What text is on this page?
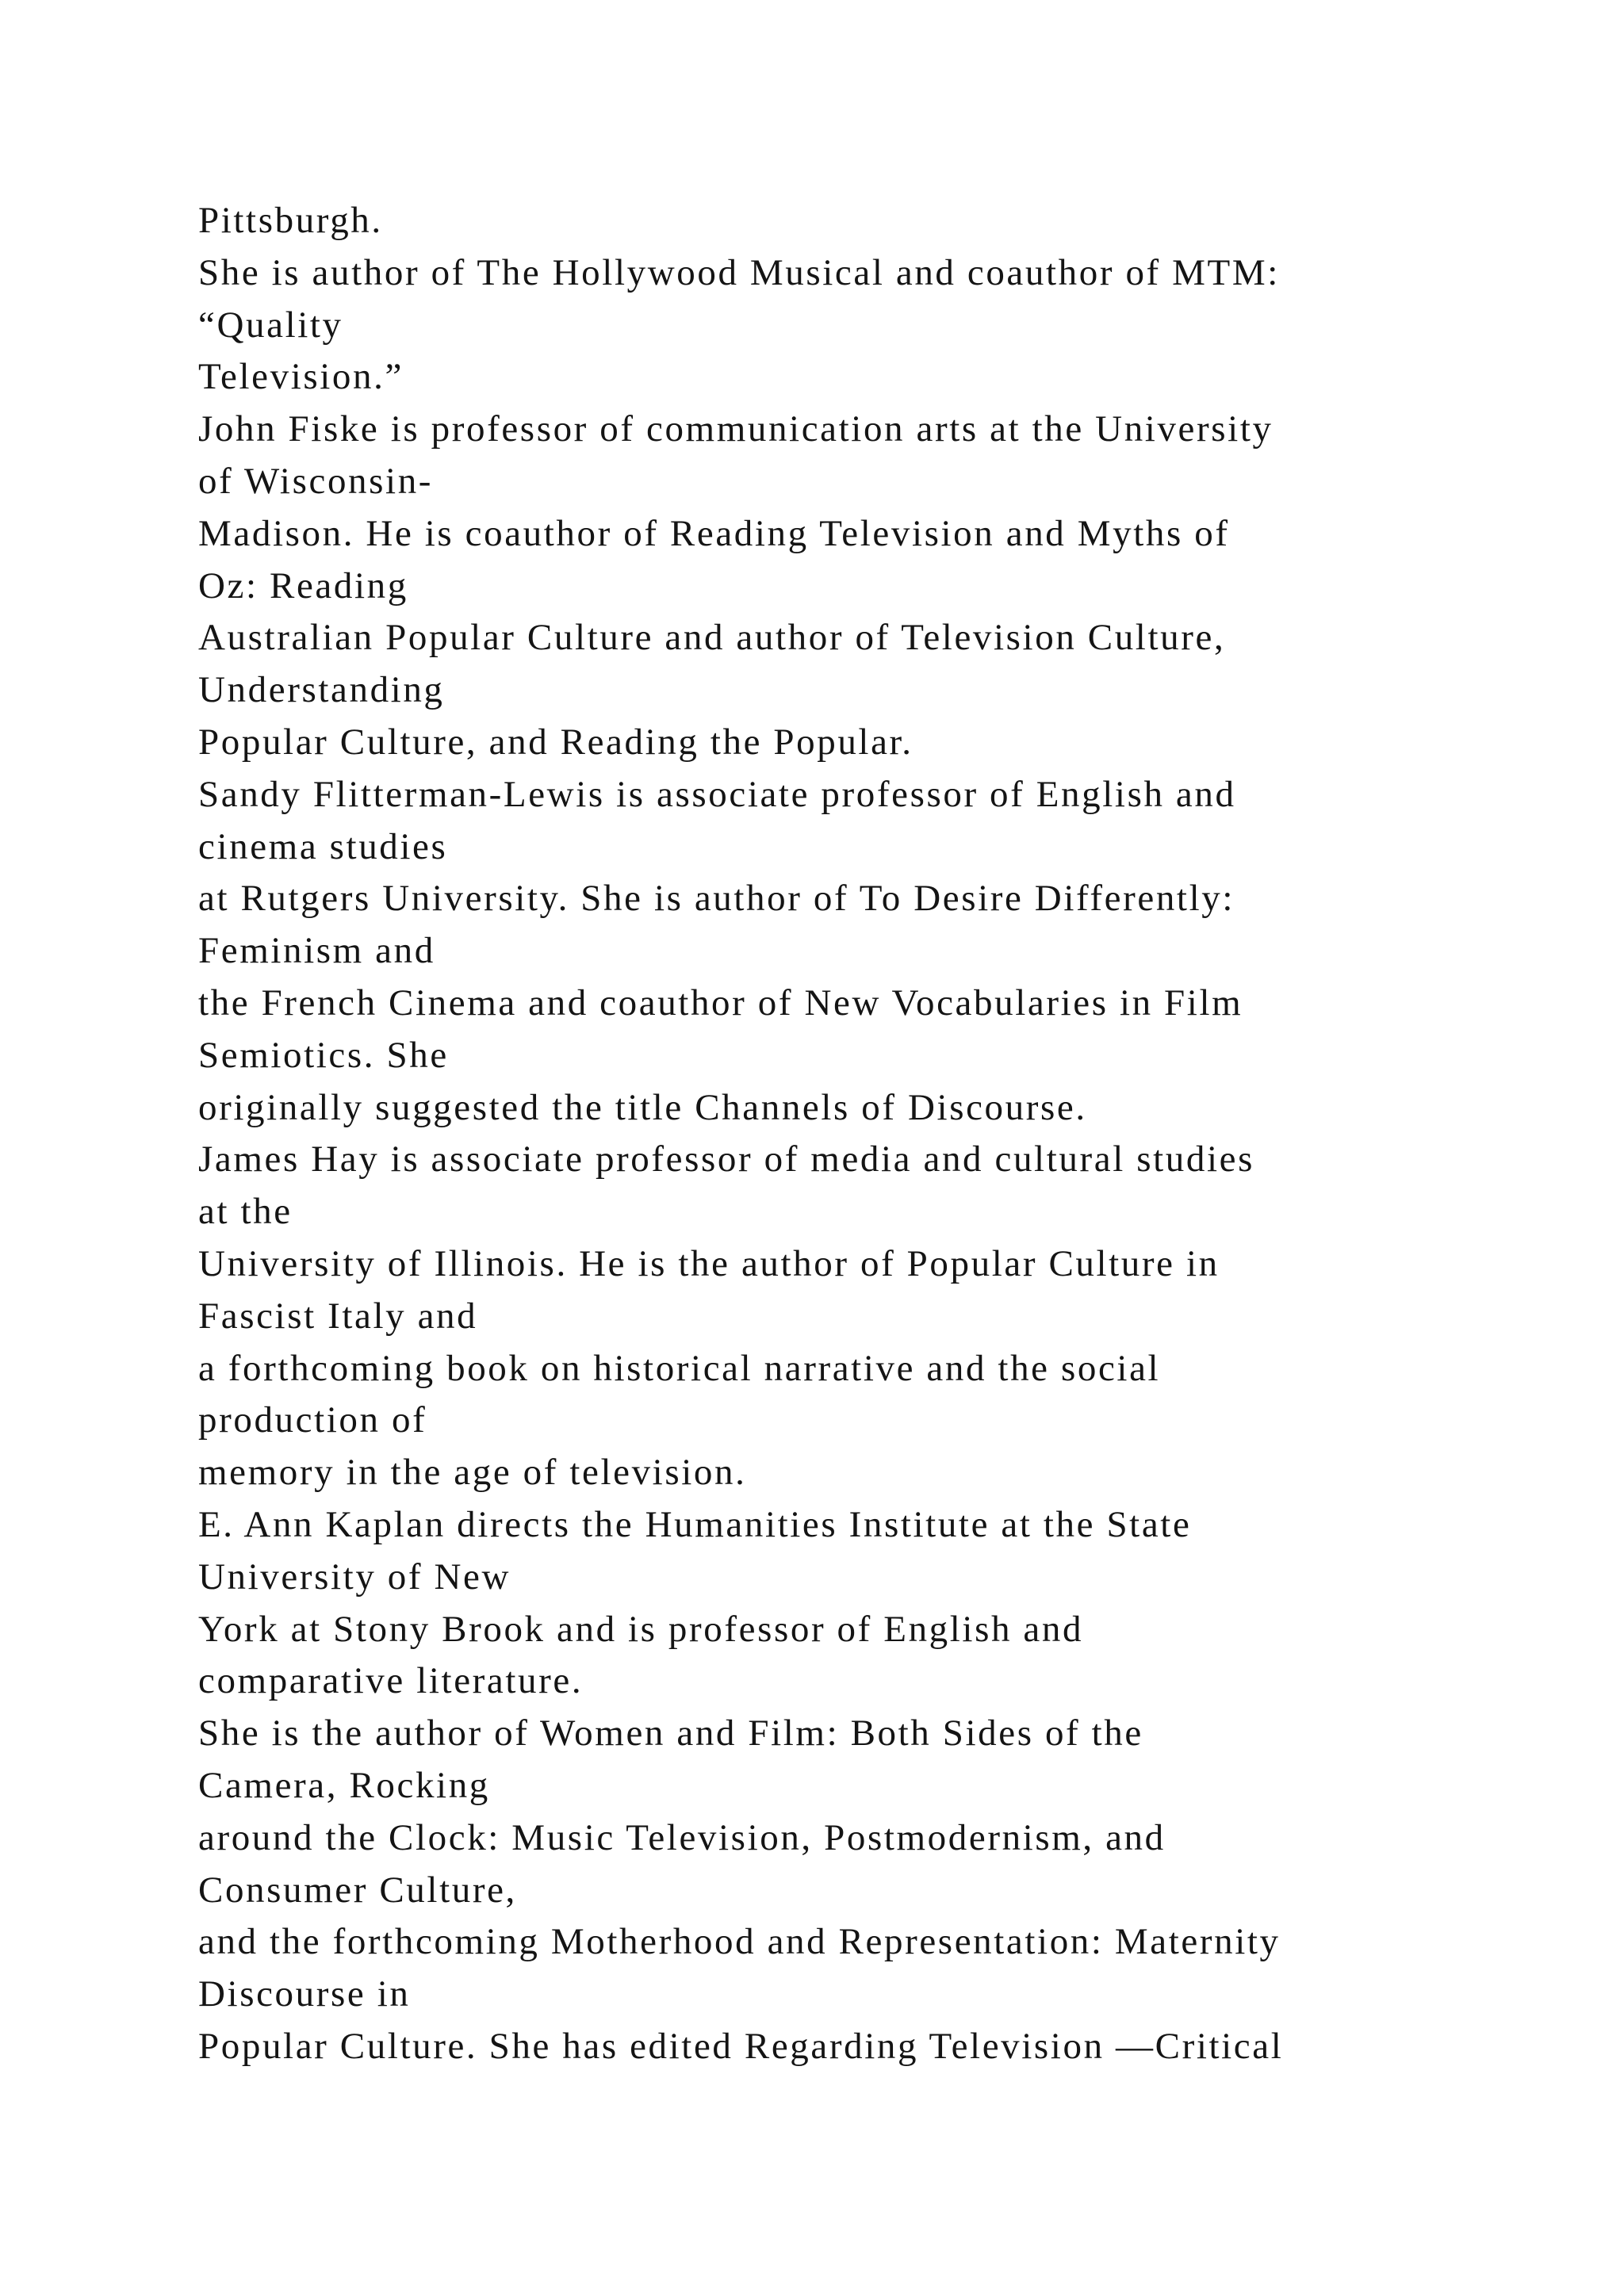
Pittsburgh.
She is author of The Hollywood Musical and coauthor of MTM:
“Quality
Television.”
John Fiske is professor of communication arts at the University
of Wisconsin-
Madison. He is coauthor of Reading Television and Myths of
Oz: Reading
Australian Popular Culture and author of Television Culture,
Understanding
Popular Culture, and Reading the Popular.
Sandy Flitterman-Lewis is associate professor of English and
cinema studies
at Rutgers University. She is author of To Desire Differently:
Feminism and
the French Cinema and coauthor of New Vocabularies in Film
Semiotics. She
originally suggested the title Channels of Discourse.
James Hay is associate professor of media and cultural studies
at the
University of Illinois. He is the author of Popular Culture in
Fascist Italy and
a forthcoming book on historical narrative and the social
production of
memory in the age of television.
E. Ann Kaplan directs the Humanities Institute at the State
University of New
York at Stony Brook and is professor of English and
comparative literature.
She is the author of Women and Film: Both Sides of the
Camera, Rocking
around the Clock: Music Television, Postmodernism, and
Consumer Culture,
and the forthcoming Motherhood and Representation: Maternity
Discourse in
Popular Culture. She has edited Regarding Television —Critical
